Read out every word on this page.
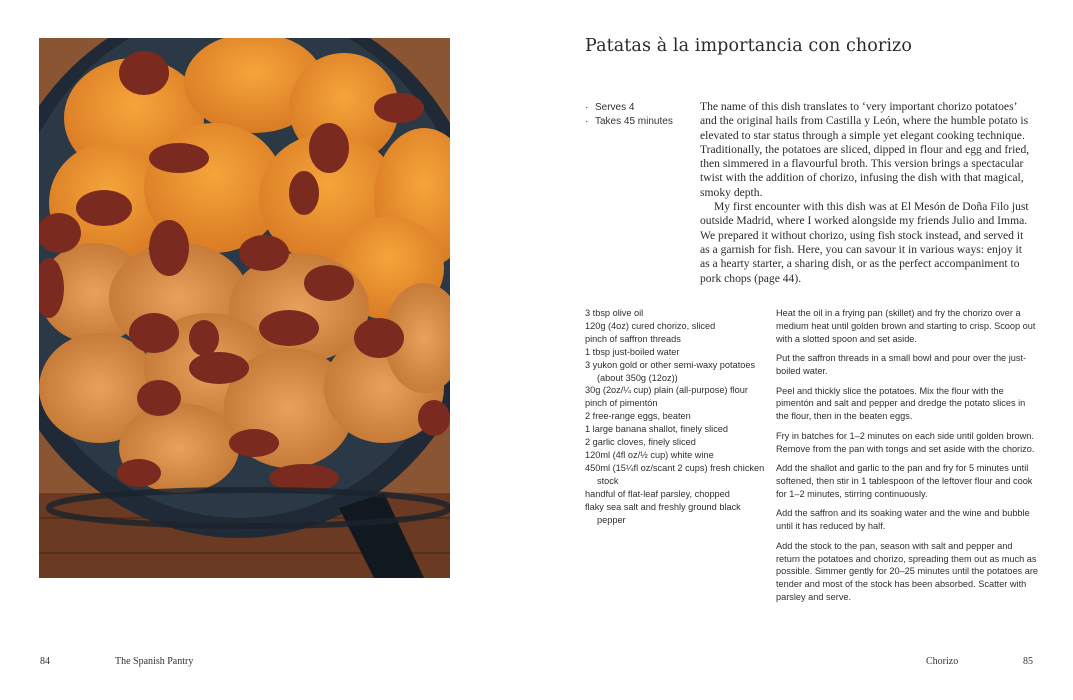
84	The Spanish Pantry
Patatas à la importancia con chorizo
· Serves 4
· Takes 45 minutes

The name of this dish translates to ‘very important chorizo potatoes’ and the original hails from Castilla y León, where the humble potato is elevated to star status through a simple yet elegant cooking technique. Traditionally, the potatoes are sliced, dipped in flour and egg and fried, then simmered in a flavourful broth. This version brings a spectacular twist with the addition of chorizo, infusing the dish with that magical, smoky depth.

My first encounter with this dish was at El Mesón de Doña Filo just outside Madrid, where I worked alongside my friends Julio and Imma. We prepared it without chorizo, using fish stock instead, and served it as a garnish for fish. Here, you can savour it in various ways: enjoy it as a hearty starter, a sharing dish, or as the perfect accompaniment to pork chops (page 44).

3 tbsp olive oil
120g (4oz) cured chorizo, sliced
pinch of saffron threads
1 tbsp just-boiled water
3 yukon gold or other semi-waxy potatoes (about 350g (12oz))
30g (2oz/¼ cup) plain (all-purpose) flour
pinch of pimentón
2 free-range eggs, beaten
1 large banana shallot, finely sliced
2 garlic cloves, finely sliced
120ml (4fl oz/½ cup) white wine
450ml (15¼fl oz/scant 2 cups) fresh chicken stock
handful of flat-leaf parsley, chopped
flaky sea salt and freshly ground black pepper

Heat the oil in a frying pan (skillet) and fry the chorizo over a medium heat until golden brown and starting to crisp. Scoop out with a slotted spoon and set aside.

Put the saffron threads in a small bowl and pour over the just-boiled water.

Peel and thickly slice the potatoes. Mix the flour with the pimentón and salt and pepper and dredge the potato slices in the flour, then in the beaten eggs.

Fry in batches for 1–2 minutes on each side until golden brown. Remove from the pan with tongs and set aside with the chorizo.

Add the shallot and garlic to the pan and fry for 5 minutes until softened, then stir in 1 tablespoon of the leftover flour and cook for 1–2 minutes, stirring continuously.

Add the saffron and its soaking water and the wine and bubble until it has reduced by half.

Add the stock to the pan, season with salt and pepper and return the potatoes and chorizo, spreading them out as much as possible. Simmer gently for 20–25 minutes until the potatoes are tender and most of the stock has been absorbed. Scatter with parsley and serve.

Chorizo	85
